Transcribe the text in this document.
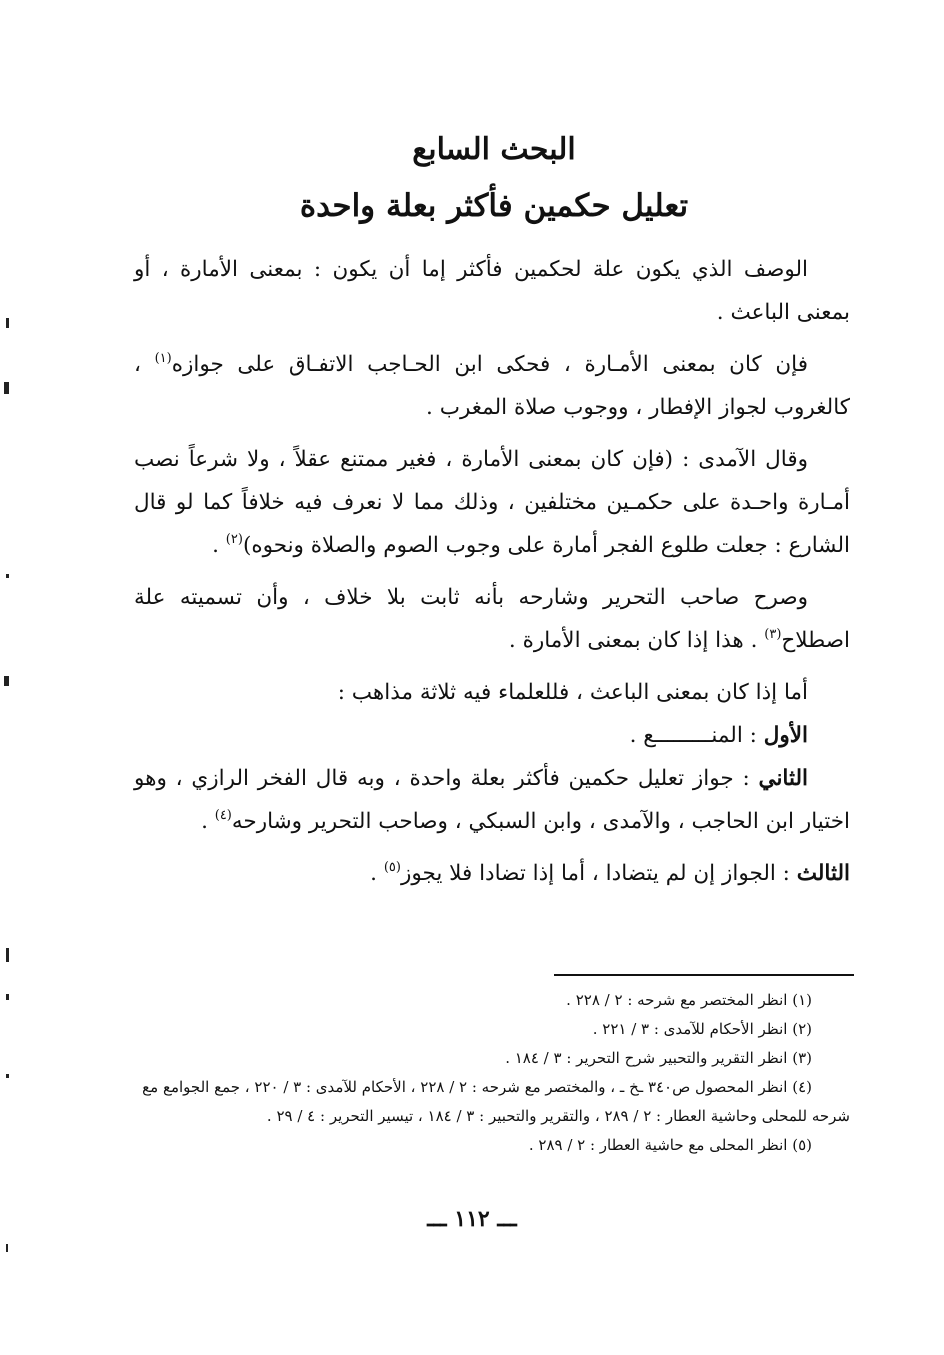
البحث السابع
تعليل حكمين فأكثر بعلة واحدة

الوصف الذي يكون علة لحكمين فأكثر إما أن يكون : بمعنى الأمارة ، أو بمعنى الباعث .

فإن كان بمعنى الأمـارة ، فحكى ابن الحـاجب الاتفـاق على جوازه$^{(١)}$ ، كالغروب لجواز الإفطار ، ووجوب صلاة المغرب .

وقال الآمدى : (فإن كان بمعنى الأمارة ، فغير ممتنع عقلاً ، ولا شرعاً نصب أمـارة واحـدة على حكمـين مختلفين ، وذلك مما لا نعرف فيه خلافاً كما لو قال الشارع : جعلت طلوع الفجر أمارة على وجوب الصوم والصلاة ونحوه)$^{(٢)}$ .

وصرح صاحب التحرير وشارحه بأنه ثابت بلا خلاف ، وأن تسميته علة اصطلاح$^{(٣)}$ . هذا إذا كان بمعنى الأمارة .

أما إذا كان بمعنى الباعث ، فللعلماء فيه ثلاثة مذاهب :

الأول : المنـــــــــع .

الثاني : جواز تعليل حكمين فأكثر بعلة واحدة ، وبه قال الفخر الرازي ، وهو اختيار ابن الحاجب ، والآمدى ، وابن السبكي ، وصاحب التحرير وشارحه$^{(٤)}$ .

الثالث : الجواز إن لم يتضادا ، أما إذا تضادا فلا يجوز$^{(٥)}$ .

(١) انظر المختصر مع شرحه : ٢ / ٢٢٨ .
(٢) انظر الأحكام للآمدى : ٣ / ٢٢١ .
(٣) انظر التقرير والتحبير شرح التحرير : ٣ / ١٨٤ .
(٤) انظر المحصول ص٣٤٠ ـخ ـ ، والمختصر مع شرحه : ٢ / ٢٢٨ ، الأحكام للآمدى : ٣ / ٢٢٠ ، جمع الجوامع مع شرحه للمحلى وحاشية العطار : ٢ / ٢٨٩ ، والتقرير والتحبير : ٣ / ١٨٤ ، تيسير التحرير : ٤ / ٢٩ .
(٥) انظر المحلى مع حاشية العطار : ٢ / ٢٨٩ .
ـــ ١١٢ ـــ
